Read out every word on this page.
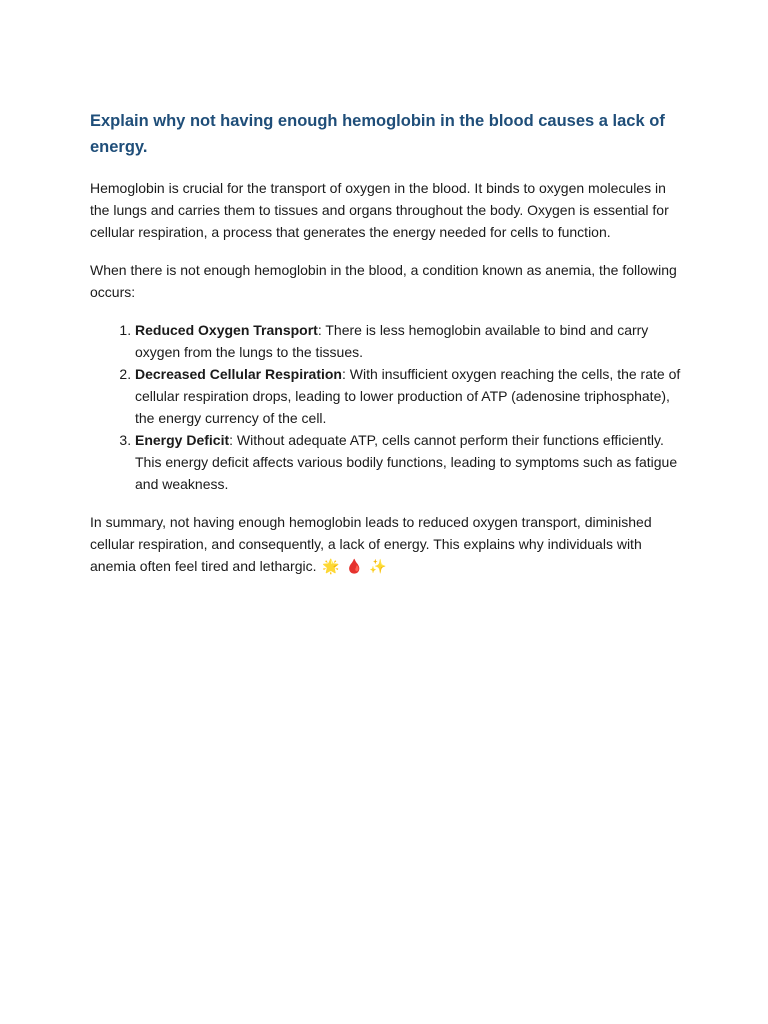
Explain why not having enough hemoglobin in the blood causes a lack of energy.

Hemoglobin is crucial for the transport of oxygen in the blood. It binds to oxygen molecules in the lungs and carries them to tissues and organs throughout the body. Oxygen is essential for cellular respiration, a process that generates the energy needed for cells to function.

When there is not enough hemoglobin in the blood, a condition known as anemia, the following occurs:

1. Reduced Oxygen Transport: There is less hemoglobin available to bind and carry oxygen from the lungs to the tissues.
2. Decreased Cellular Respiration: With insufficient oxygen reaching the cells, the rate of cellular respiration drops, leading to lower production of ATP (adenosine triphosphate), the energy currency of the cell.
3. Energy Deficit: Without adequate ATP, cells cannot perform their functions efficiently. This energy deficit affects various bodily functions, leading to symptoms such as fatigue and weakness.

In summary, not having enough hemoglobin leads to reduced oxygen transport, diminished cellular respiration, and consequently, a lack of energy. This explains why individuals with anemia often feel tired and lethargic. 🌟 🩸 ✨
